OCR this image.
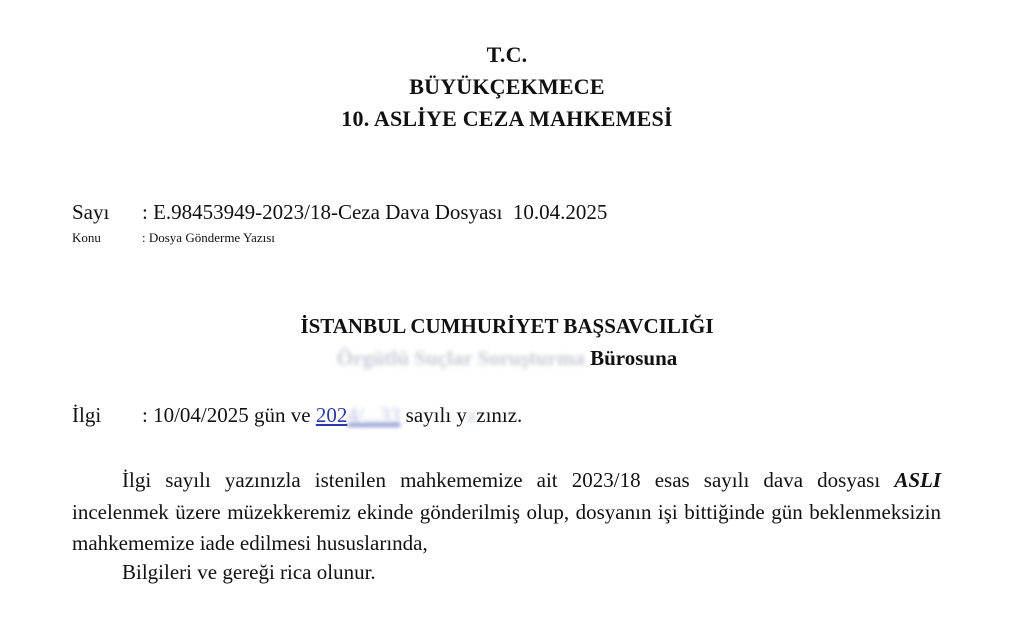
T.C.
BÜYÜKÇEKMECE
10. ASLİYE CEZA MAHKEMESİ
Sayı : E.98453949-2023/18-Ceza Dava Dosyası  10.04.2025
Konu	: Dosya Gönderme Yazısı
İSTANBUL CUMHURİYET BAŞSAVCILIĞI
Örgütlü Suçlar Soruşturma Bürosuna
İlgi : 10/04/2025 gün ve 2024/...33 sayılı yazınız.
İlgi sayılı yazınızla istenilen mahkememize ait 2023/18 esas sayılı dava dosyası ASLI incelenmek üzere müzekkeremiz ekinde gönderilmiş olup, dosyanın işi bittiğinde gün beklenmeksizin mahkememize iade edilmesi hususlarında,
Bilgileri ve gereği rica olunur.
